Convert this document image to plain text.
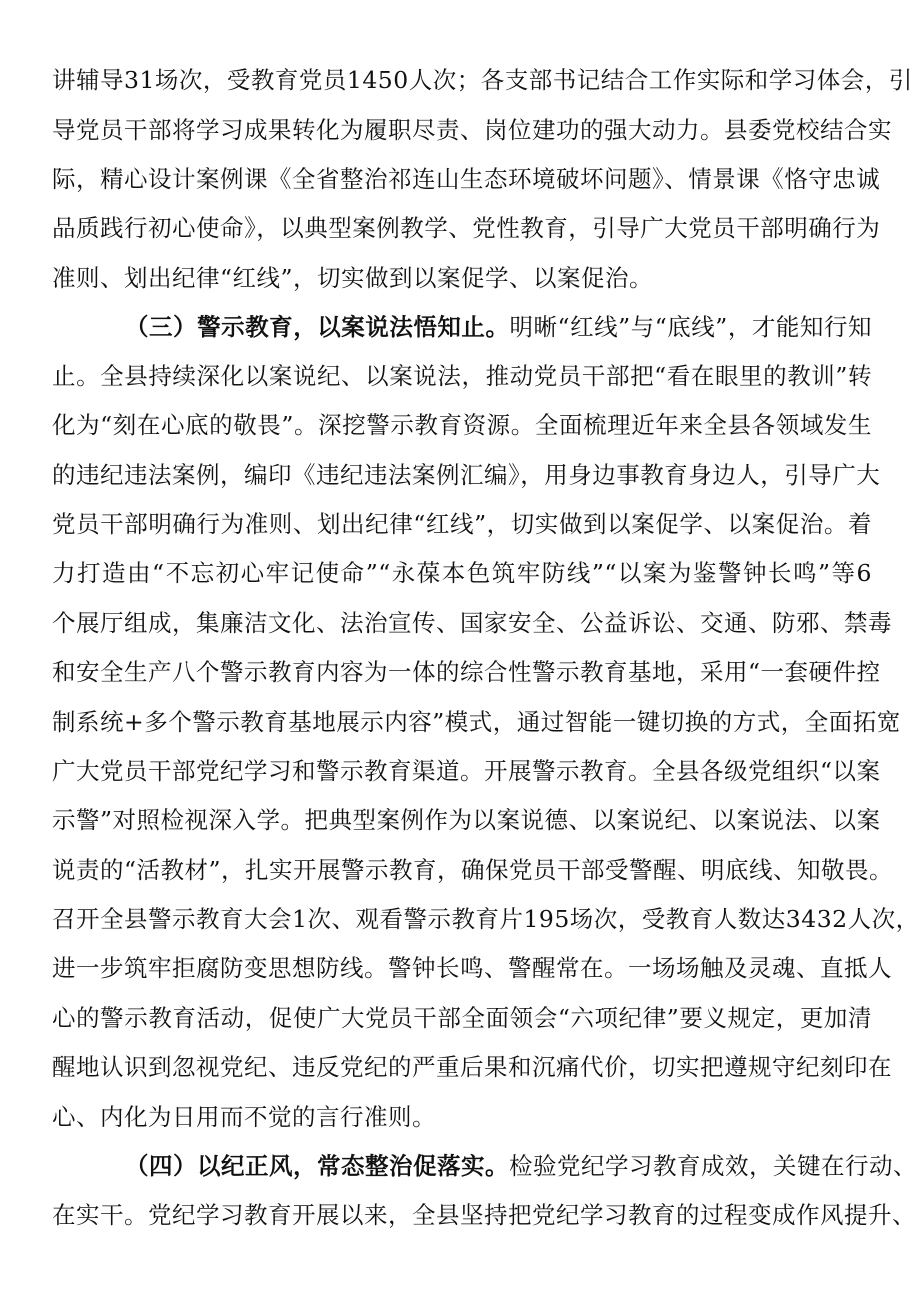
讲辅导31场次，受教育党员1450人次；各支部书记结合工作实际和学习体会，引
导党员干部将学习成果转化为履职尽责、岗位建功的强大动力。县委党校结合实
际，精心设计案例课《全省整治祁连山生态环境破坏问题》、情景课《恪守忠诚
品质践行初心使命》，以典型案例教学、党性教育，引导广大党员干部明确行为
准则、划出纪律“红线”，切实做到以案促学、以案促治。
（三）警示教育，以案说法悟知止。明晰“红线”与“底线”，才能知行知
止。全县持续深化以案说纪、以案说法，推动党员干部把“看在眼里的教训”转
化为“刻在心底的敬畏”。深挖警示教育资源。全面梳理近年来全县各领域发生
的违纪违法案例，编印《违纪违法案例汇编》，用身边事教育身边人，引导广大
党员干部明确行为准则、划出纪律“红线”，切实做到以案促学、以案促治。着
力打造由“不忘初心牢记使命”“永葆本色筑牢防线”“以案为鉴警钟长鸣”等6
个展厅组成，集廉洁文化、法治宣传、国家安全、公益诉讼、交通、防邪、禁毒
和安全生产八个警示教育内容为一体的综合性警示教育基地，采用“一套硬件控
制系统+多个警示教育基地展示内容”模式，通过智能一键切换的方式，全面拓宽
广大党员干部党纪学习和警示教育渠道。开展警示教育。全县各级党组织“以案
示警”对照检视深入学。把典型案例作为以案说德、以案说纪、以案说法、以案
说责的“活教材”，扎实开展警示教育，确保党员干部受警醒、明底线、知敬畏。
召开全县警示教育大会1次、观看警示教育片195场次，受教育人数达3432人次，
进一步筑牢拒腐防变思想防线。警钟长鸣、警醒常在。一场场触及灵魂、直抵人
心的警示教育活动，促使广大党员干部全面领会“六项纪律”要义规定，更加清
醒地认识到忽视党纪、违反党纪的严重后果和沉痛代价，切实把遵规守纪刻印在
心、内化为日用而不觉的言行准则。
（四）以纪正风，常态整治促落实。检验党纪学习教育成效，关键在行动、
在实干。党纪学习教育开展以来，全县坚持把党纪学习教育的过程变成作风提升、
